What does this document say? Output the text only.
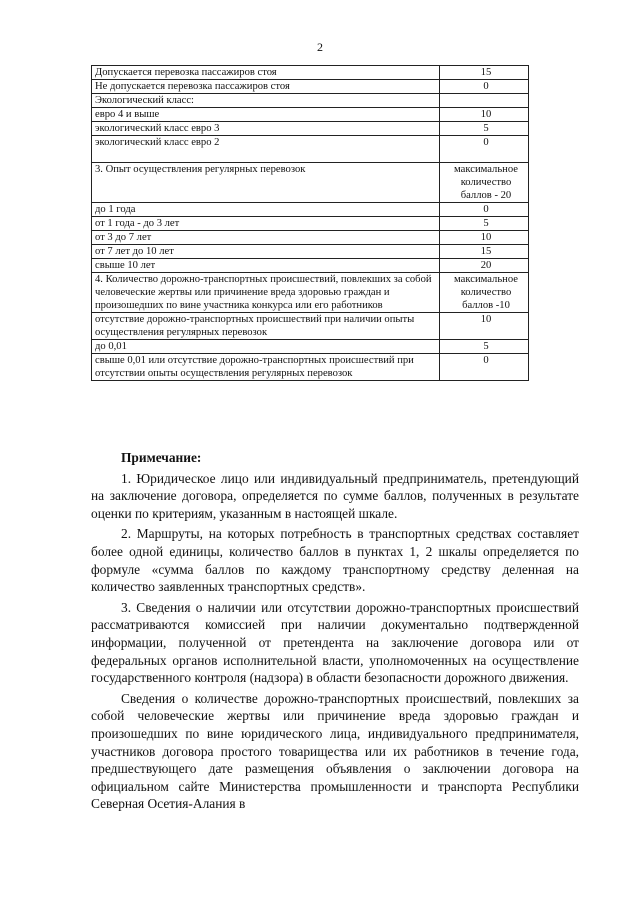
2
Допускается перевозка пассажиров стоя	15
Не допускается перевозка пассажиров стоя	0
Экологический класс:	
евро 4 и выше	10
экологический класс евро 3	5
экологический класс евро 2	0
3. Опыт осуществления регулярных перевозок	максимальное количество баллов - 20
до 1 года	0
от 1 года - до 3 лет	5
от 3 до 7 лет	10
от 7 лет до 10 лет	15
свыше 10 лет	20
4. Количество дорожно-транспортных происшествий, повлекших за собой человеческие жертвы или причинение вреда здоровью граждан и произошедших по вине участника конкурса или его работников	максимальное количество баллов -10
отсутствие дорожно-транспортных происшествий при наличии опыты осуществления регулярных перевозок	10
до 0,01	5
свыше 0,01 или отсутствие дорожно-транспортных происшествий при отсутствии опыты осуществления регулярных перевозок	0
Примечание:

1. Юридическое лицо или индивидуальный предприниматель, претендующий на заключение договора, определяется по сумме баллов, полученных в результате оценки по критериям, указанным в настоящей шкале.

2. Маршруты, на которых потребность в транспортных средствах составляет более одной единицы, количество баллов в пунктах 1, 2 шкалы определяется по формуле «сумма баллов по каждому транспортному средству деленная на количество заявленных транспортных средств».

3. Сведения о наличии или отсутствии дорожно-транспортных происшествий рассматриваются комиссией при наличии документально подтвержденной информации, полученной от претендента на заключение договора или от федеральных органов исполнительной власти, уполномоченных на осуществление государственного контроля (надзора) в области безопасности дорожного движения.

Сведения о количестве дорожно-транспортных происшествий, повлекших за собой человеческие жертвы или причинение вреда здоровью граждан и произошедших по вине юридического лица, индивидуального предпринимателя, участников договора простого товарищества или их работников в течение года, предшествующего дате размещения объявления о заключении договора на официальном сайте Министерства промышленности и транспорта Республики Северная Осетия-Алания в
